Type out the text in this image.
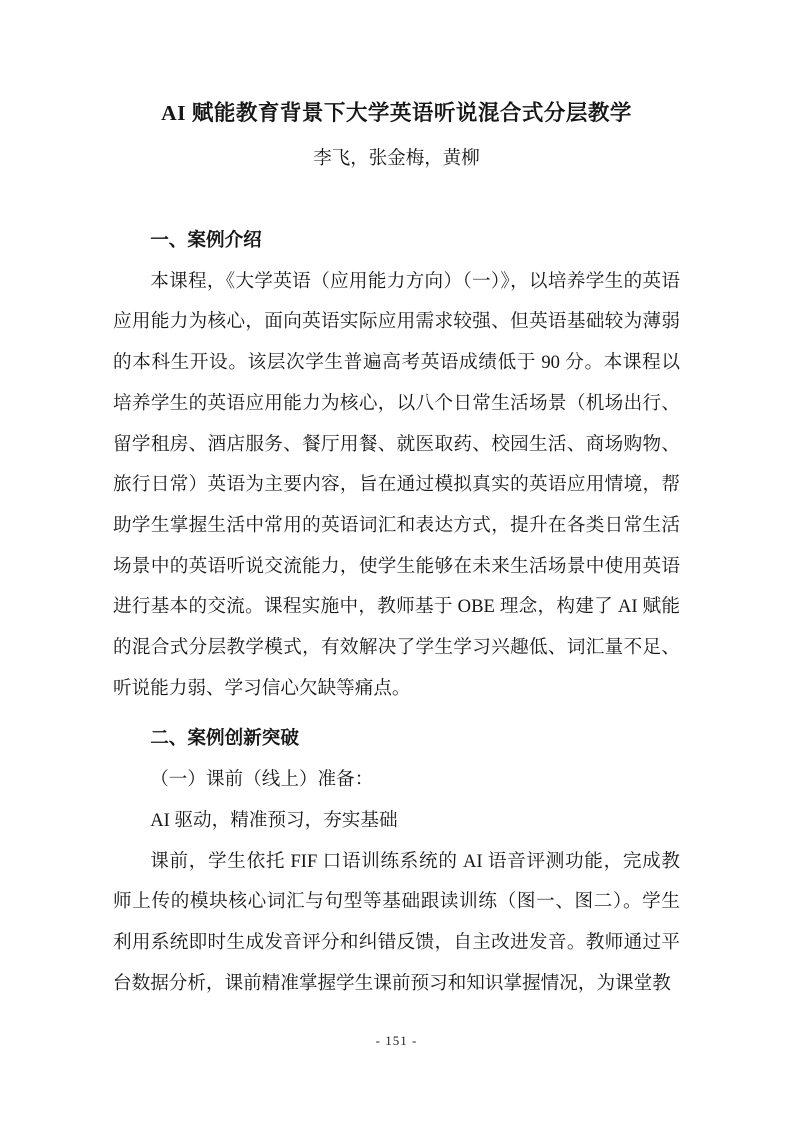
AI 赋能教育背景下大学英语听说混合式分层教学
李飞，张金梅，黄柳
一、案例介绍
本课程，《大学英语（应用能力方向）（一）》，以培养学生的英语应用能力为核心，面向英语实际应用需求较强、但英语基础较为薄弱的本科生开设。该层次学生普遍高考英语成绩低于 90 分。本课程以培养学生的英语应用能力为核心，以八个日常生活场景（机场出行、留学租房、酒店服务、餐厅用餐、就医取药、校园生活、商场购物、旅行日常）英语为主要内容，旨在通过模拟真实的英语应用情境，帮助学生掌握生活中常用的英语词汇和表达方式，提升在各类日常生活场景中的英语听说交流能力，使学生能够在未来生活场景中使用英语进行基本的交流。课程实施中，教师基于 OBE 理念，构建了 AI 赋能的混合式分层教学模式，有效解决了学生学习兴趣低、词汇量不足、听说能力弱、学习信心欠缺等痛点。
二、案例创新突破
（一）课前（线上）准备：
AI 驱动，精准预习，夯实基础
课前，学生依托 FIF 口语训练系统的 AI 语音评测功能，完成教师上传的模块核心词汇与句型等基础跟读训练（图一、图二）。学生利用系统即时生成发音评分和纠错反馈，自主改进发音。教师通过平台数据分析，课前精准掌握学生课前预习和知识掌握情况，为课堂教
- 151 -
